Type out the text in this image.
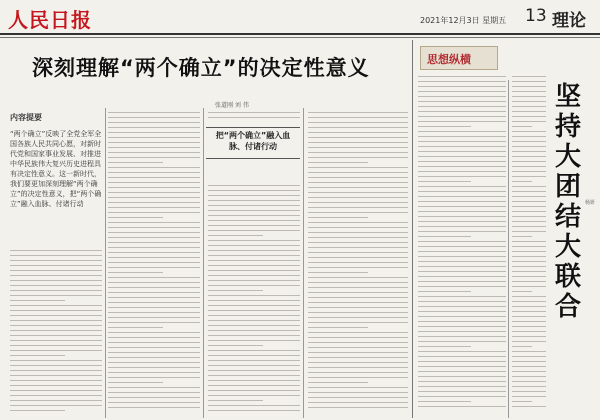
人民日报	2021年12月3日 星期五 13 理论
深刻理解“两个确立”的决定性意义
张道刚 刘 伟
内容提要
“两个确立”反映了全党全军全国各族人民共同心愿，对新时代党和国家事业发展、对推进中华民族伟大复兴历史进程具有决定性意义。这一新时代，我们要更加深刻理解“两个确立”的决定性意义，把“两个确立”融入血脉、付诸行动
把“两个确立”融入血脉、付诸行动
思想纵横
坚持大团结大联合
杨妍
